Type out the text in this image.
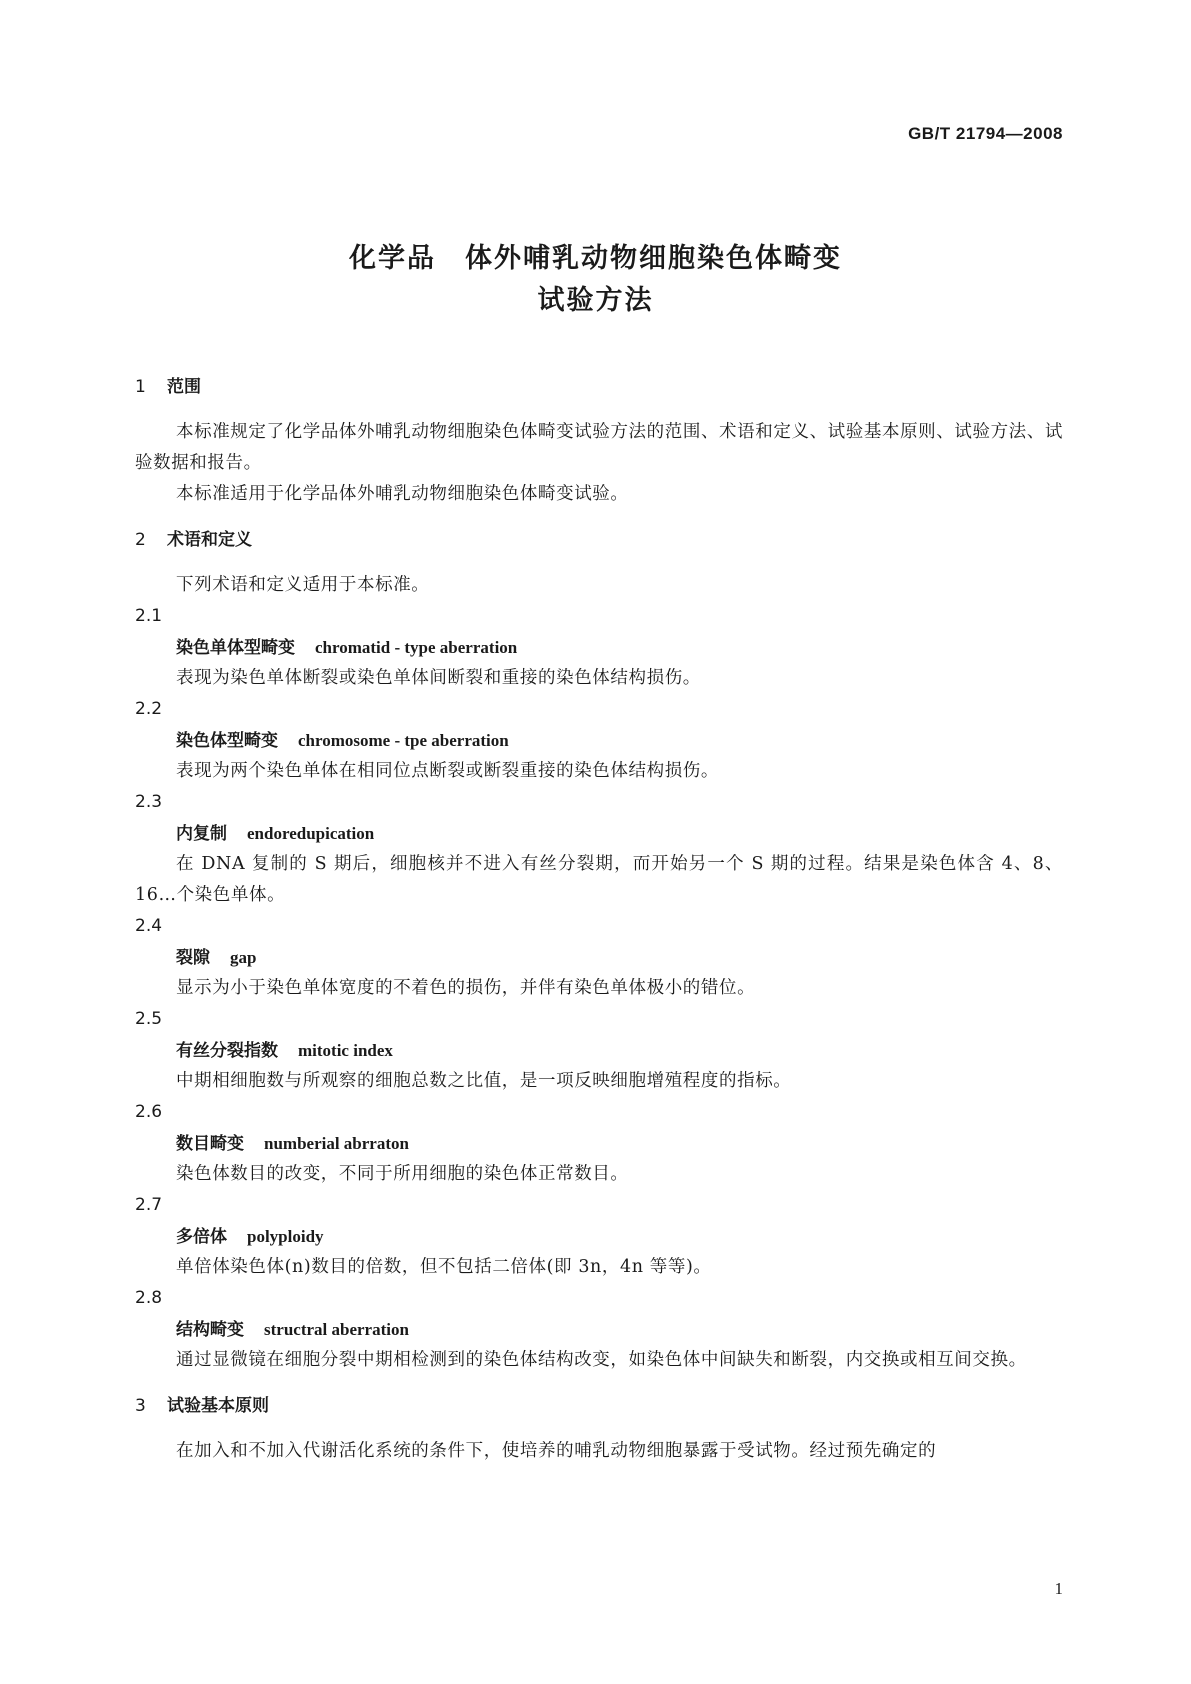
GB/T 21794—2008
化学品　体外哺乳动物细胞染色体畸变
试验方法
1 范围
本标准规定了化学品体外哺乳动物细胞染色体畸变试验方法的范围、术语和定义、试验基本原则、试验方法、试验数据和报告。
本标准适用于化学品体外哺乳动物细胞染色体畸变试验。
2 术语和定义
下列术语和定义适用于本标准。
2.1
染色单体型畸变 chromatid - type aberration
表现为染色单体断裂或染色单体间断裂和重接的染色体结构损伤。
2.2
染色体型畸变 chromosome - tpe aberration
表现为两个染色单体在相同位点断裂或断裂重接的染色体结构损伤。
2.3
内复制 endoredupication
在 DNA 复制的 S 期后，细胞核并不进入有丝分裂期，而开始另一个 S 期的过程。结果是染色体含 4、8、16…个染色单体。
2.4
裂隙 gap
显示为小于染色单体宽度的不着色的损伤，并伴有染色单体极小的错位。
2.5
有丝分裂指数 mitotic index
中期相细胞数与所观察的细胞总数之比值，是一项反映细胞增殖程度的指标。
2.6
数目畸变 numberial abrraton
染色体数目的改变，不同于所用细胞的染色体正常数目。
2.7
多倍体 polyploidy
单倍体染色体(n)数目的倍数，但不包括二倍体(即 3n，4n 等等)。
2.8
结构畸变 structral aberration
通过显微镜在细胞分裂中期相检测到的染色体结构改变，如染色体中间缺失和断裂，内交换或相互间交换。
3 试验基本原则
在加入和不加入代谢活化系统的条件下，使培养的哺乳动物细胞暴露于受试物。经过预先确定的
1
